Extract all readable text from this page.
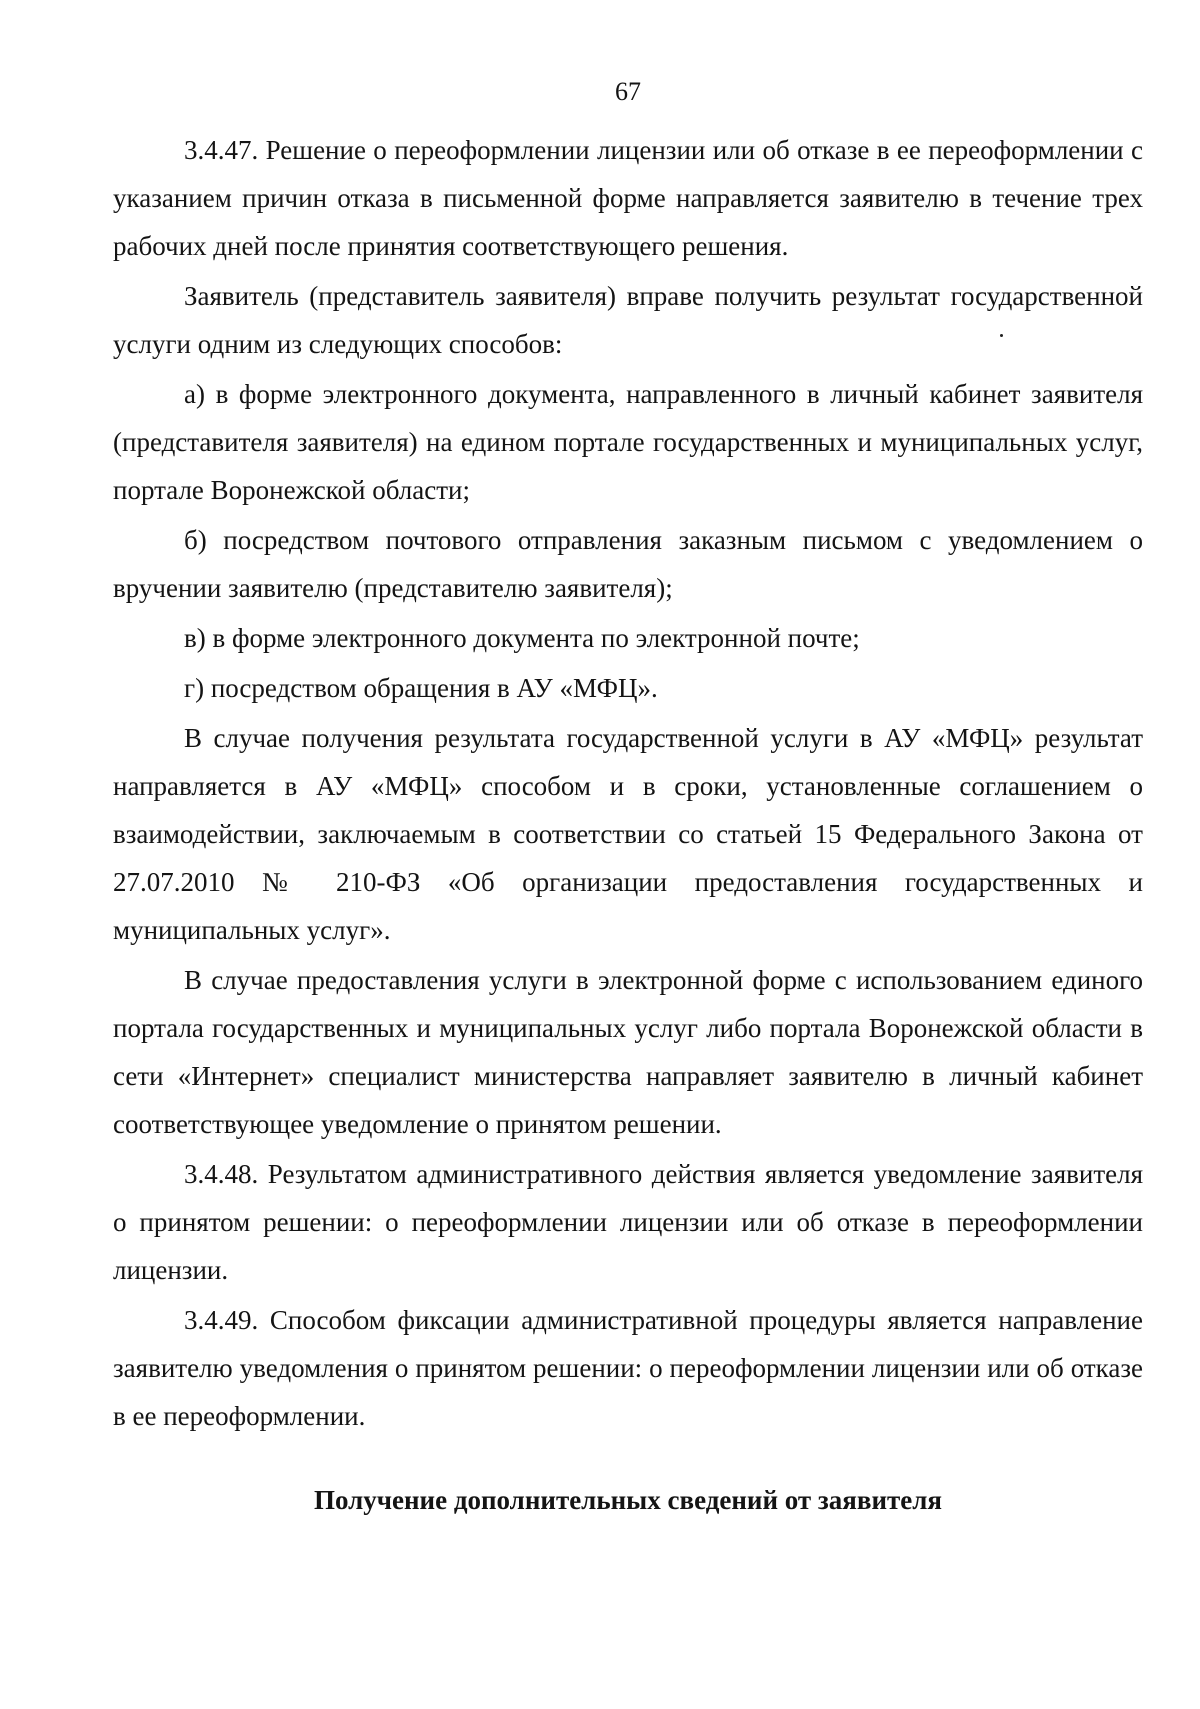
67

3.4.47. Решение о переоформлении лицензии или об отказе в ее переоформлении с указанием причин отказа в письменной форме направляется заявителю в течение трех рабочих дней после принятия соответствующего решения.

Заявитель (представитель заявителя) вправе получить результат государственной услуги одним из следующих способов:

а) в форме электронного документа, направленного в личный кабинет заявителя (представителя заявителя) на едином портале государственных и муниципальных услуг, портале Воронежской области;

б) посредством почтового отправления заказным письмом с уведомлением о вручении заявителю (представителю заявителя);

в) в форме электронного документа по электронной почте;

г) посредством обращения в АУ «МФЦ».

В случае получения результата государственной услуги в АУ «МФЦ» результат направляется в АУ «МФЦ» способом и в сроки, установленные соглашением о взаимодействии, заключаемым в соответствии со статьей 15 Федерального Закона от 27.07.2010 № 210-ФЗ «Об организации предоставления государственных и муниципальных услуг».

В случае предоставления услуги в электронной форме с использованием единого портала государственных и муниципальных услуг либо портала Воронежской области в сети «Интернет» специалист министерства направляет заявителю в личный кабинет соответствующее уведомление о принятом решении.

3.4.48. Результатом административного действия является уведомление заявителя о принятом решении: о переоформлении лицензии или об отказе в переоформлении лицензии.

3.4.49. Способом фиксации административной процедуры является направление заявителю уведомления о принятом решении: о переоформлении лицензии или об отказе в ее переоформлении.

Получение дополнительных сведений от заявителя
